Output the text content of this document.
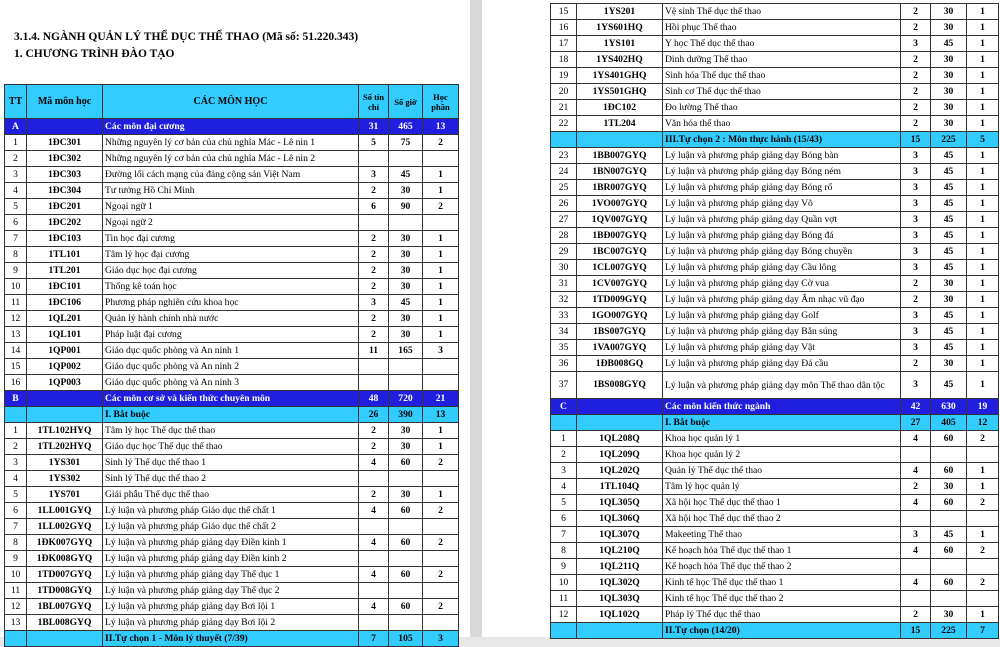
3.1.4. NGÀNH QUẢN LÝ THỂ DỤC THỂ THAO (Mã số: 51.220.343)
1. CHƯƠNG TRÌNH ĐÀO TẠO
TT	Mã môn học	CÁC MÔN HỌC	Số tín chỉ	Số giờ	Học phần
A		Các môn đại cương	31	465	13
1	1ĐC301	Những nguyên lý cơ bản của chủ nghĩa Mác - Lê nin 1	5	75	2
2	1ĐC302	Những nguyên lý cơ bản của chủ nghĩa Mác - Lê nin 2			
3	1ĐC303	Đường lối cách mạng của đảng cộng sản Việt Nam	3	45	1
4	1ĐC304	Tư tưởng Hồ Chí Minh	2	30	1
5	1ĐC201	Ngoại ngữ 1	6	90	2
6	1ĐC202	Ngoại ngữ 2			
7	1ĐC103	Tin học đại cương	2	30	1
8	1TL101	Tâm lý học đại cương	2	30	1
9	1TL201	Giáo dục học đại cương	2	30	1
10	1ĐC101	Thống kê toán học	2	30	1
11	1ĐC106	Phương pháp nghiên cứu khoa học	3	45	1
12	1QL201	Quản lý hành chính nhà nước	2	30	1
13	1QL101	Pháp luật đại cương	2	30	1
14	1QP001	Giáo dục quốc phòng và An ninh 1	11	165	3
15	1QP002	Giáo dục quốc phòng và An ninh 2			
16	1QP003	Giáo dục quốc phòng và An ninh 3			
B		Các môn cơ sở và kiến thức chuyên môn	48	720	21
		I. Bắt buộc	26	390	13
1	1TL102HYQ	Tâm lý học Thể dục thể thao	2	30	1
2	1TL202HYQ	Giáo dục học Thể dục thể thao	2	30	1
3	1YS301	Sinh lý Thể dục thể thao 1	4	60	2
4	1YS302	Sinh lý Thể dục thể thao 2			
5	1YS701	Giải phẫu Thể dục thể thao	2	30	1
6	1LL001GYQ	Lý luận và phương pháp Giáo dục thể chất 1	4	60	2
7	1LL002GYQ	Lý luận và phương pháp Giáo dục thể chất 2			
8	1ĐK007GYQ	Lý luận và phương pháp giảng dạy Điền kinh 1	4	60	2
9	1ĐK008GYQ	Lý luận và phương pháp giảng dạy Điền kinh 2			
10	1TD007GYQ	Lý luận và phương pháp giảng dạy Thể dục 1	4	60	2
11	1TD008GYQ	Lý luận và phương pháp giảng dạy Thể dục 2			
12	1BL007GYQ	Lý luận và phương pháp giảng dạy Bơi lội 1	4	60	2
13	1BL008GYQ	Lý luận và phương pháp giảng dạy Bơi lội 2			
		II.Tự chọn 1 - Môn lý thuyết (7/39)	7	105	3
15	1YS201	Vệ sinh Thể dục thể thao	2	30	1
16	1YS601HQ	Hồi phục Thể thao	2	30	1
17	1YS101	Y học Thể dục thể thao	3	45	1
18	1YS402HQ	Dinh dưỡng Thể thao	2	30	1
19	1YS401GHQ	Sinh hóa Thể dục thể thao	2	30	1
20	1YS501GHQ	Sinh cơ Thể dục thể thao	2	30	1
21	1ĐC102	Đo lường Thể thao	2	30	1
22	1TL204	Văn hóa thể thao	2	30	1
		III.Tự chọn 2 : Môn thực hành (15/43)	15	225	5
23	1BB007GYQ	Lý luận và phương pháp giảng dạy Bóng bàn	3	45	1
24	1BN007GYQ	Lý luận và phương pháp giảng dạy Bóng ném	3	45	1
25	1BR007GYQ	Lý luận và phương pháp giảng dạy Bóng rổ	3	45	1
26	1VO007GYQ	Lý luận và phương pháp giảng dạy Võ	3	45	1
27	1QV007GYQ	Lý luận và phương pháp giảng dạy Quần vợt	3	45	1
28	1BĐ007GYQ	Lý luận và phương pháp giảng dạy Bóng đá	3	45	1
29	1BC007GYQ	Lý luận và phương pháp giảng dạy Bóng chuyền	3	45	1
30	1CL007GYQ	Lý luận và phương pháp giảng dạy Cầu lông	3	45	1
31	1CV007GYQ	Lý luận và phương pháp giảng dạy Cờ vua	2	30	1
32	1TD009GYQ	Lý luận và phương pháp giảng dạy Âm nhạc vũ đạo	2	30	1
33	1GO007GYQ	Lý luận và phương pháp giảng dạy Golf	3	45	1
34	1BS007GYQ	Lý luận và phương pháp giảng dạy Bắn súng	3	45	1
35	1VA007GYQ	Lý luận và phương pháp giảng dạy Vật	3	45	1
36	1ĐB008GQ	Lý luận và phương pháp giảng dạy Đá cầu	2	30	1
37	1BS008GYQ	Lý luận và phương pháp giảng dạy môn Thể thao dân tộc	3	45	1
C		Các môn kiến thức ngành	42	630	19
		I. Bắt buộc	27	405	12
1	1QL208Q	Khoa học quản lý 1	4	60	2
2	1QL209Q	Khoa học quản lý 2			
3	1QL202Q	Quản lý Thể dục thể thao	4	60	1
4	1TL104Q	Tâm lý học quản lý	2	30	1
5	1QL305Q	Xã hội học Thể dục thể thao 1	4	60	2
6	1QL306Q	Xã hội học Thể dục thể thao 2			
7	1QL307Q	Makeeting Thể thao	3	45	1
8	1QL210Q	Kế hoạch hóa Thể dục thể thao 1	4	60	2
9	1QL211Q	Kế hoạch hóa Thể dục thể thao 2			
10	1QL302Q	Kinh tế học Thể dục thể thao 1	4	60	2
11	1QL303Q	Kinh tế học Thể dục thể thao 2			
12	1QL102Q	Pháp lý Thể dục thể thao	2	30	1
		II.Tự chọn (14/20)	15	225	7
